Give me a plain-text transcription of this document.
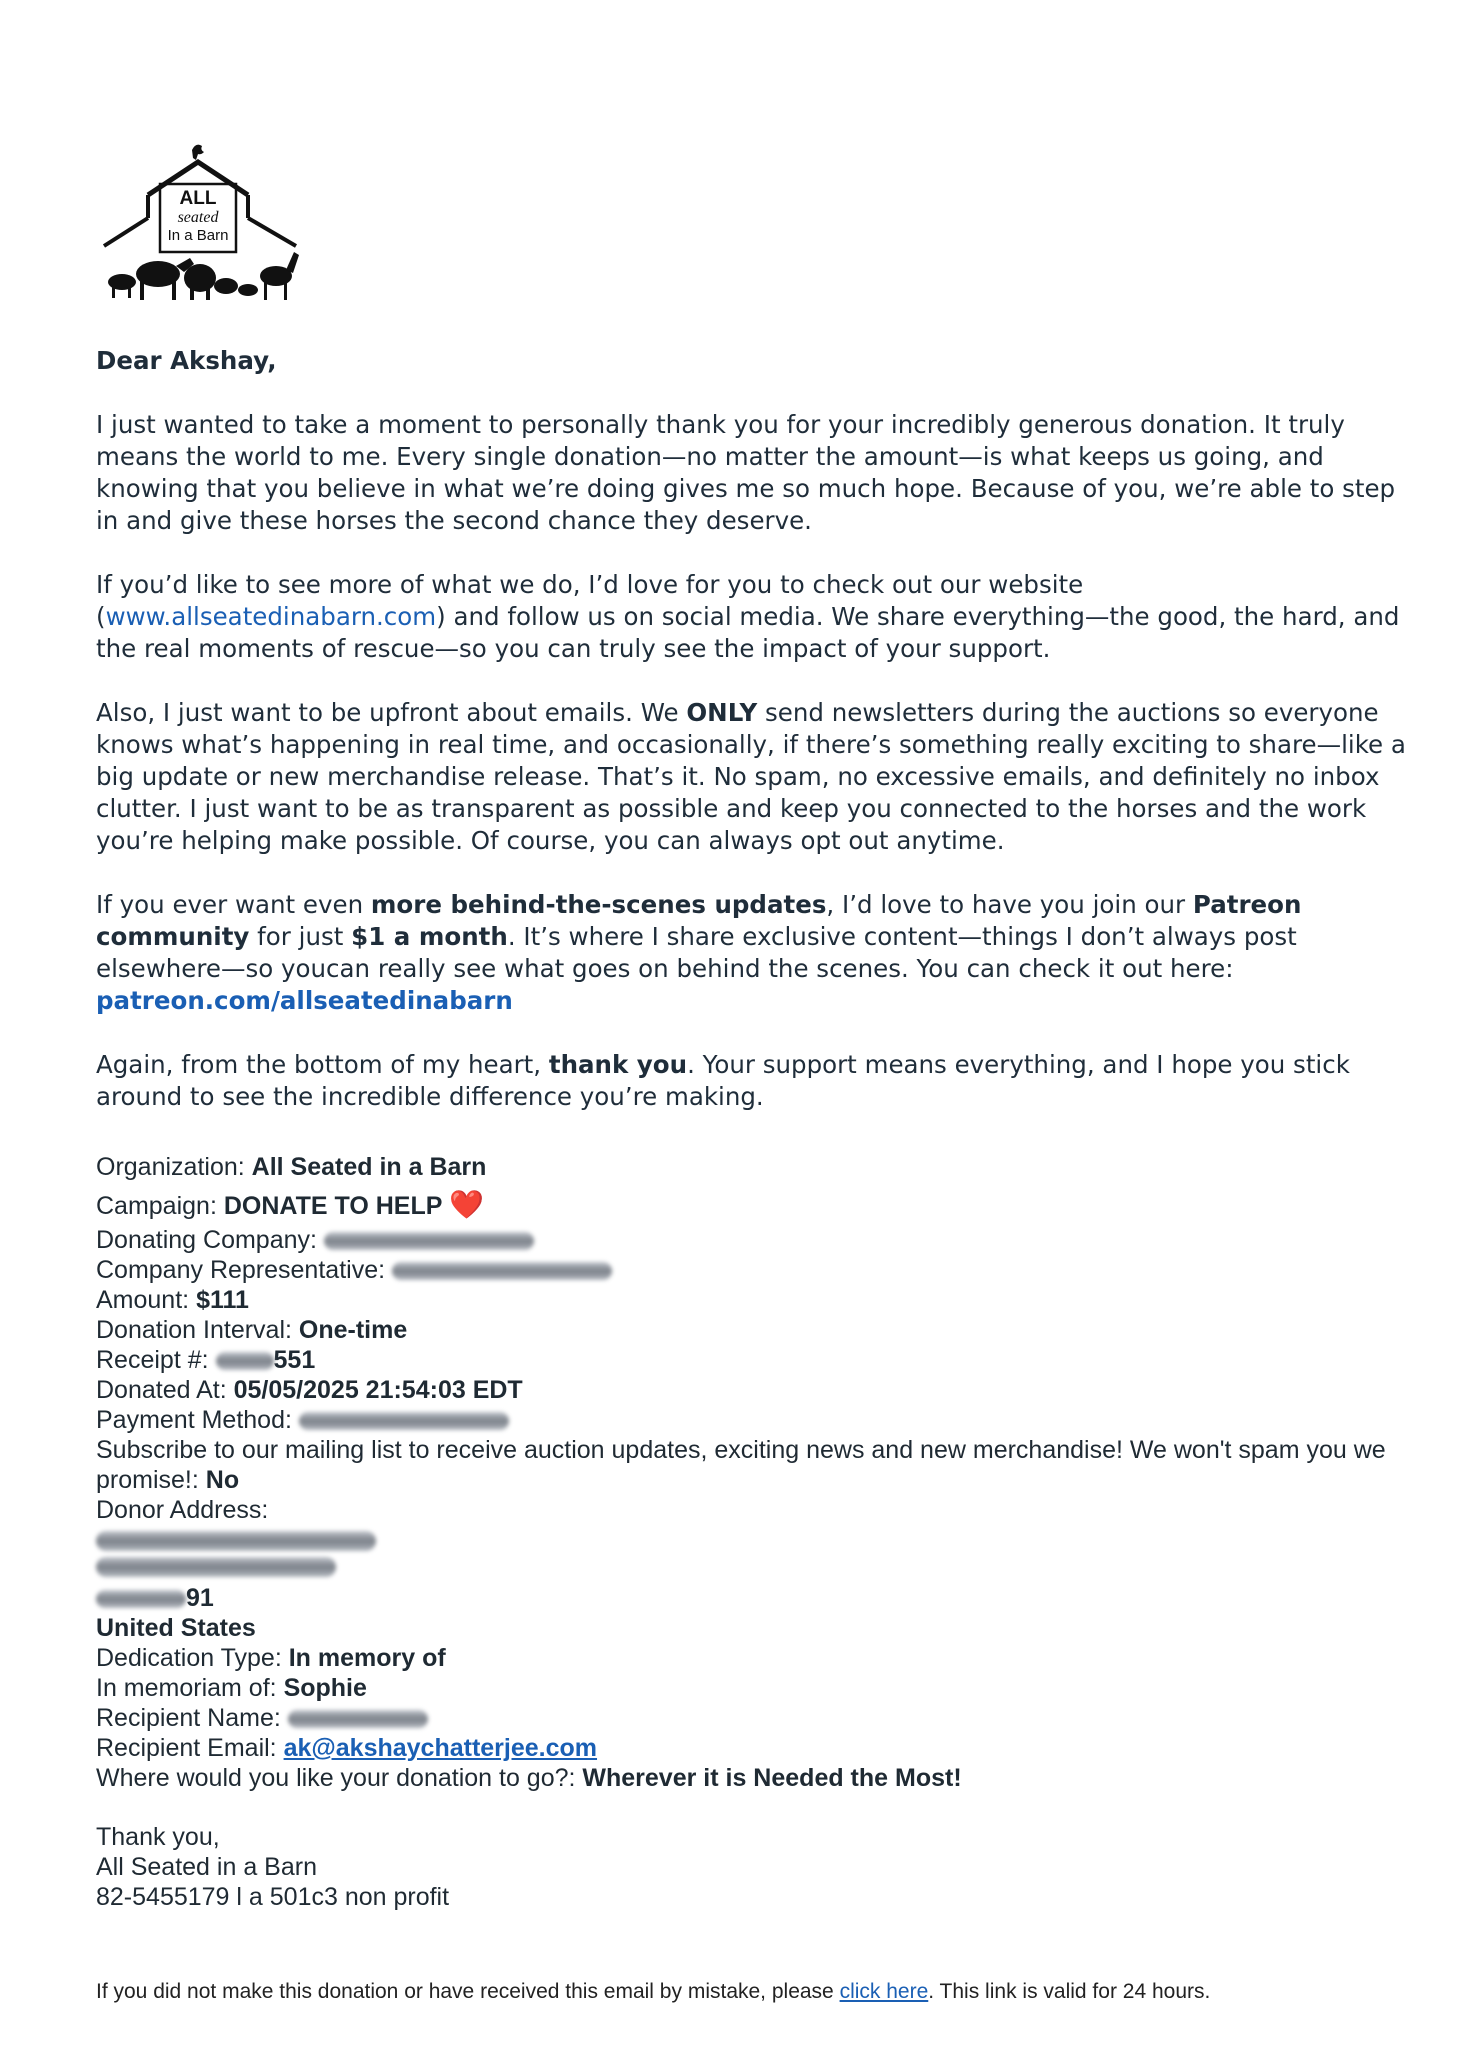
ALL
seated
In a Barn

Dear Akshay,

I just wanted to take a moment to personally thank you for your incredibly generous donation. It truly means the world to me. Every single donation—no matter the amount—is what keeps us going, and knowing that you believe in what we’re doing gives me so much hope. Because of you, we’re able to step in and give these horses the second chance they deserve.

If you’d like to see more of what we do, I’d love for you to check out our website (www.allseatedinabarn.com) and follow us on social media. We share everything—the good, the hard, and the real moments of rescue—so you can truly see the impact of your support.

Also, I just want to be upfront about emails. We ONLY send newsletters during the auctions so everyone knows what’s happening in real time, and occasionally, if there’s something really exciting to share—like a big update or new merchandise release. That’s it. No spam, no excessive emails, and definitely no inbox clutter. I just want to be as transparent as possible and keep you connected to the horses and the work you’re helping make possible. Of course, you can always opt out anytime.

If you ever want even more behind-the-scenes updates, I’d love to have you join our Patreon community for just $1 a month. It’s where I share exclusive content—things I don’t always post elsewhere—so youcan really see what goes on behind the scenes. You can check it out here: patreon.com/allseatedinabarn

Again, from the bottom of my heart, thank you. Your support means everything, and I hope you stick around to see the incredible difference you’re making.

Organization: All Seated in a Barn
Campaign: DONATE TO HELP ❤️
Donating Company:
Company Representative:
Amount: $111
Donation Interval: One-time
Receipt #: 551
Donated At: 05/05/2025 21:54:03 EDT
Payment Method:
Subscribe to our mailing list to receive auction updates, exciting news and new merchandise! We won't spam you we promise!: No
Donor Address:
91
United States
Dedication Type: In memory of
In memoriam of: Sophie
Recipient Name:
Recipient Email: ak@akshaychatterjee.com
Where would you like your donation to go?: Wherever it is Needed the Most!
Thank you,
All Seated in a Barn
82-5455179 l a 501c3 non profit
If you did not make this donation or have received this email by mistake, please click here. This link is valid for 24 hours.
